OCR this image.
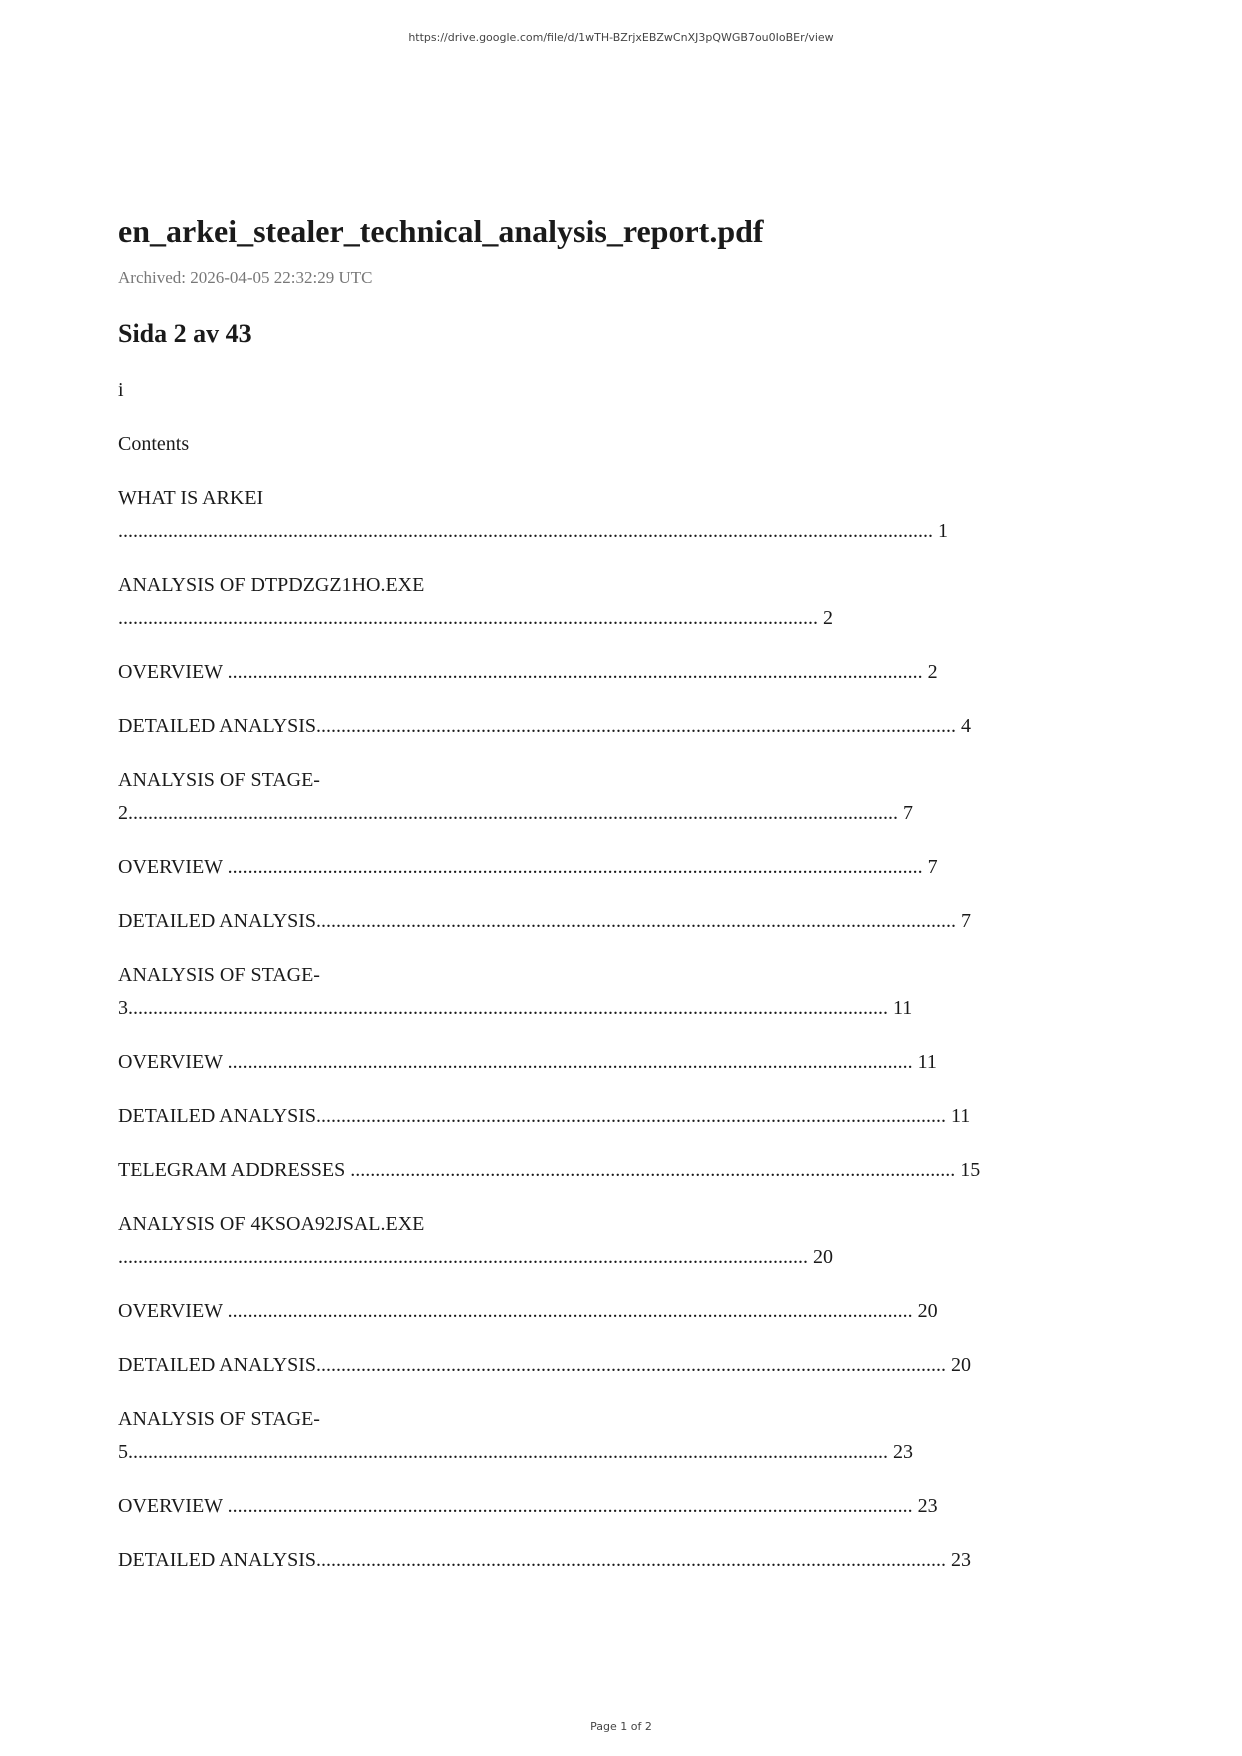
https://drive.google.com/file/d/1wTH-BZrjxEBZwCnXJ3pQWGB7ou0IoBEr/view
en_arkei_stealer_technical_analysis_report.pdf
Archived: 2026-04-05 22:32:29 UTC
Sida 2 av 43

i

Contents

WHAT IS ARKEI
................................................................................................................................................................... 1

ANALYSIS OF DTPDZGZ1HO.EXE
............................................................................................................................................ 2

OVERVIEW ........................................................................................................................................... 2

DETAILED ANALYSIS................................................................................................................................ 4

ANALYSIS OF STAGE-
2.......................................................................................................................................................... 7

OVERVIEW ........................................................................................................................................... 7

DETAILED ANALYSIS................................................................................................................................ 7

ANALYSIS OF STAGE-
3........................................................................................................................................................ 11

OVERVIEW ......................................................................................................................................... 11

DETAILED ANALYSIS.............................................................................................................................. 11

TELEGRAM ADDRESSES ......................................................................................................................... 15

ANALYSIS OF 4KSOA92JSAL.EXE
.......................................................................................................................................... 20

OVERVIEW ......................................................................................................................................... 20

DETAILED ANALYSIS.............................................................................................................................. 20

ANALYSIS OF STAGE-
5........................................................................................................................................................ 23

OVERVIEW ......................................................................................................................................... 23

DETAILED ANALYSIS.............................................................................................................................. 23

Page 1 of 2
